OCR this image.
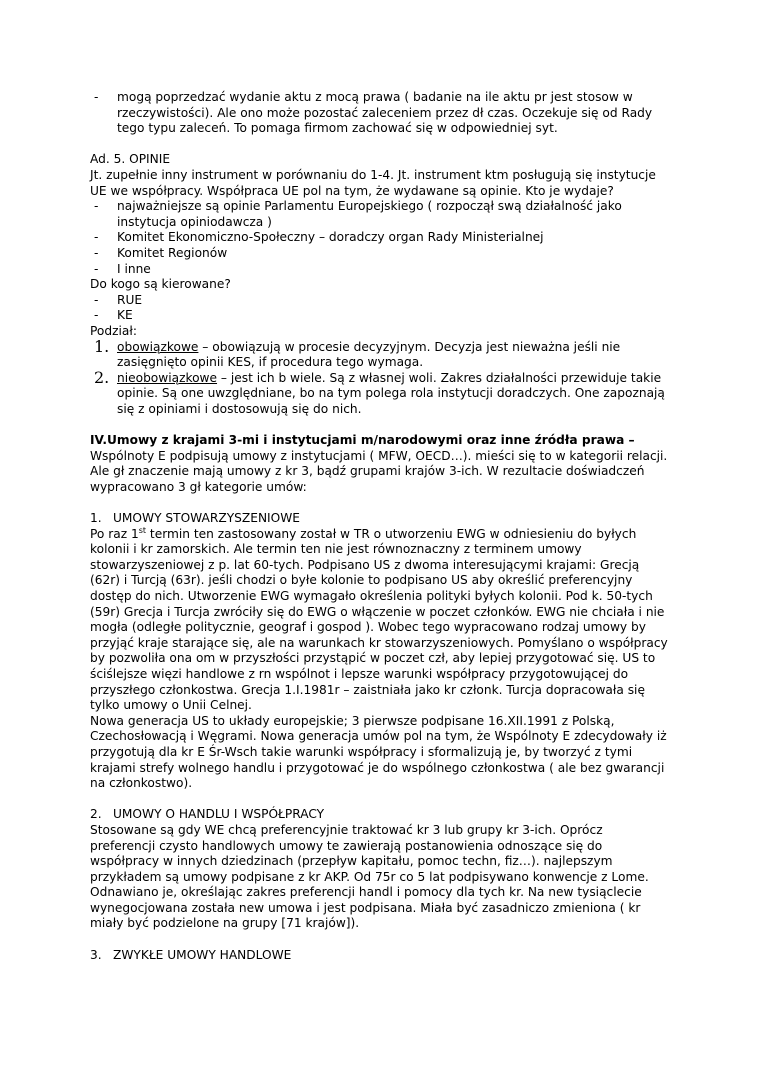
- mogą poprzedzać wydanie aktu z mocą prawa ( badanie na ile aktu pr jest stosow w rzeczywistości). Ale ono może pozostać zaleceniem przez dł czas. Oczekuje się od Rady tego typu zaleceń. To pomaga firmom zachować się w odpowiedniej syt.

Ad. 5. OPINIE

Jt. zupełnie inny instrument w porównaniu do 1-4. Jt. instrument ktm posługują się instytucje UE we współpracy. Współpraca UE pol na tym, że wydawane są opinie. Kto je wydaje?

- najważniejsze są opinie Parlamentu Europejskiego ( rozpoczął swą działalność jako instytucja opiniodawcza )

- Komitet Ekonomiczno-Społeczny – doradczy organ Rady Ministerialnej

- Komitet Regionów

- I inne

Do kogo są kierowane?

- RUE

- KE

Podział:

1. obowiązkowe – obowiązują w procesie decyzyjnym. Decyzja jest nieważna jeśli nie zasięgnięto opinii KES, if procedura tego wymaga.

2. nieobowiązkowe – jest ich b wiele. Są z własnej woli. Zakres działalności przewiduje takie opinie. Są one uwzględniane, bo na tym polega rola instytucji doradczych. One zapoznają się z opiniami i dostosowują się do nich.

IV.Umowy z krajami 3-mi i instytucjami m/narodowymi oraz inne źródła prawa –

Wspólnoty E podpisują umowy z instytucjami ( MFW, OECD…). mieści się to w kategorii relacji. Ale gł znaczenie mają umowy z kr 3, bądź grupami krajów 3-ich. W rezultacie doświadczeń wypracowano 3 gł kategorie umów:

1. UMOWY STOWARZYSZENIOWE

Po raz 1st termin ten zastosowany został w TR o utworzeniu EWG w odniesieniu do byłych kolonii i kr zamorskich. Ale termin ten nie jest równoznaczny z terminem umowy stowarzyszeniowej z p. lat 60-tych. Podpisano US z dwoma interesującymi krajami: Grecją (62r) i Turcją (63r). jeśli chodzi o byłe kolonie to podpisano US aby określić preferencyjny dostęp do nich. Utworzenie EWG wymagało określenia polityki byłych kolonii. Pod k. 50-tych (59r) Grecja i Turcja zwróciły się do EWG o włączenie w poczet członków. EWG nie chciała i nie mogła (odległe politycznie, geograf i gospod ). Wobec tego wypracowano rodzaj umowy by przyjąć kraje starające się, ale na warunkach kr stowarzyszeniowych. Pomyślano o współpracy by pozwoliła ona om w przyszłości przystąpić w poczet czł, aby lepiej przygotować się. US to ściślejsze więzi handlowe z rn wspólnot i lepsze warunki współpracy przygotowującej do przyszłego członkostwa. Grecja 1.I.1981r – zaistniała jako kr członk. Turcja dopracowała się tylko umowy o Unii Celnej.

Nowa generacja US to układy europejskie; 3 pierwsze podpisane 16.XII.1991 z Polską, Czechosłowacją i Węgrami. Nowa generacja umów pol na tym, że Wspólnoty E zdecydowały iż przygotują dla kr E Śr-Wsch takie warunki współpracy i sformalizują je, by tworzyć z tymi krajami strefy wolnego handlu i przygotować je do wspólnego członkostwa ( ale bez gwarancji na członkostwo).

2. UMOWY O HANDLU I WSPÓŁPRACY

Stosowane są gdy WE chcą preferencyjnie traktować kr 3 lub grupy kr 3-ich. Oprócz preferencji czysto handlowych umowy te zawierają postanowienia odnoszące się do współpracy w innych dziedzinach (przepływ kapitału, pomoc techn, fiz…). najlepszym przykładem są umowy podpisane z kr AKP. Od 75r co 5 lat podpisywano konwencje z Lome. Odnawiano je, określając zakres preferencji handl i pomocy dla tych kr. Na new tysiąclecie wynegocjowana została new umowa i jest podpisana. Miała być zasadniczo zmieniona ( kr miały być podzielone na grupy [71 krajów]).

3. ZWYKŁE UMOWY HANDLOWE
